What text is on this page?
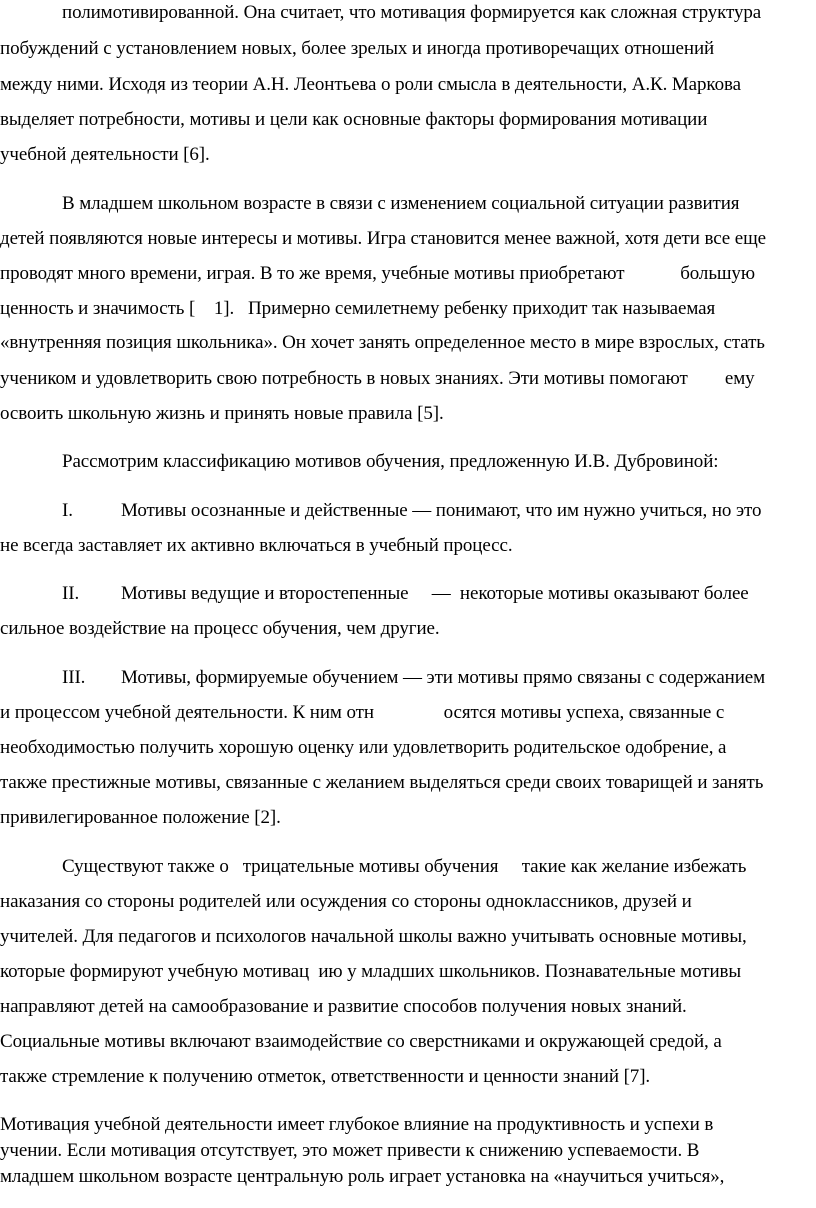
полимотивированной. Она считает, что мотивация формируется как сложная структура

побуждений с установлением новых, более зрелых и иногда противоречащих отношений

между ними. Исходя из теории А.Н. Леонтьева о роли смысла в деятельности, А.К. Маркова

выделяет потребности, мотивы и цели как основные факторы формирования мотивации

учебной деятельности [6].

В младшем школьном возрасте в связи с изменением социальной ситуации развития

детей появляются новые интересы и мотивы. Игра становится менее важной, хотя дети все еще

проводят много времени, играя. В то же время, учебные мотивы приобретают            большую

ценность и значимость [    1].   Примерно семилетнему ребенку приходит так называемая

«внутренняя позиция школьника». Он хочет занять определенное место в мире взрослых, стать

учеником и удовлетворить свою потребность в новых знаниях. Эти мотивы помогают        ему

освоить школьную жизнь и принять новые правила [5].

Рассмотрим классификацию мотивов обучения, предложенную И.В. Дубровиной:

I.	Мотивы осознанные и действенные — понимают, что им нужно учиться, но это

не всегда заставляет их активно включаться в учебный процесс.

II. Мотивы ведущие и второстепенные     —  некоторые мотивы оказывают более

сильное воздействие на процесс обучения, чем другие.

III. Мотивы, формируемые обучением — эти мотивы прямо связаны с содержанием

и процессом учебной деятельности. К ним отн               осятся мотивы успеха, связанные с

необходимостью получить хорошую оценку или удовлетворить родительское одобрение, а

также престижные мотивы, связанные с желанием выделяться среди своих товарищей и занять

привилегированное положение [2].

Существуют также о   трицательные мотивы обучения     такие как желание избежать

наказания со стороны родителей или осуждения со стороны одноклассников, друзей и

учителей. Для педагогов и психологов начальной школы важно учитывать основные мотивы,

которые формируют учебную мотивац  ию у младших школьников. Познавательные мотивы

направляют детей на самообразование и развитие способов получения новых знаний.

Социальные мотивы включают взаимодействие со сверстниками и окружающей средой, а

также стремление к получению отметок, ответственности и ценности знаний [7].

Мотивация учебной деятельности имеет глубокое влияние на продуктивность и успехи в

учении. Если мотивация отсутствует, это может привести к снижению успеваемости. В

младшем школьном возрасте центральную роль играет установка на «научиться учиться»,
